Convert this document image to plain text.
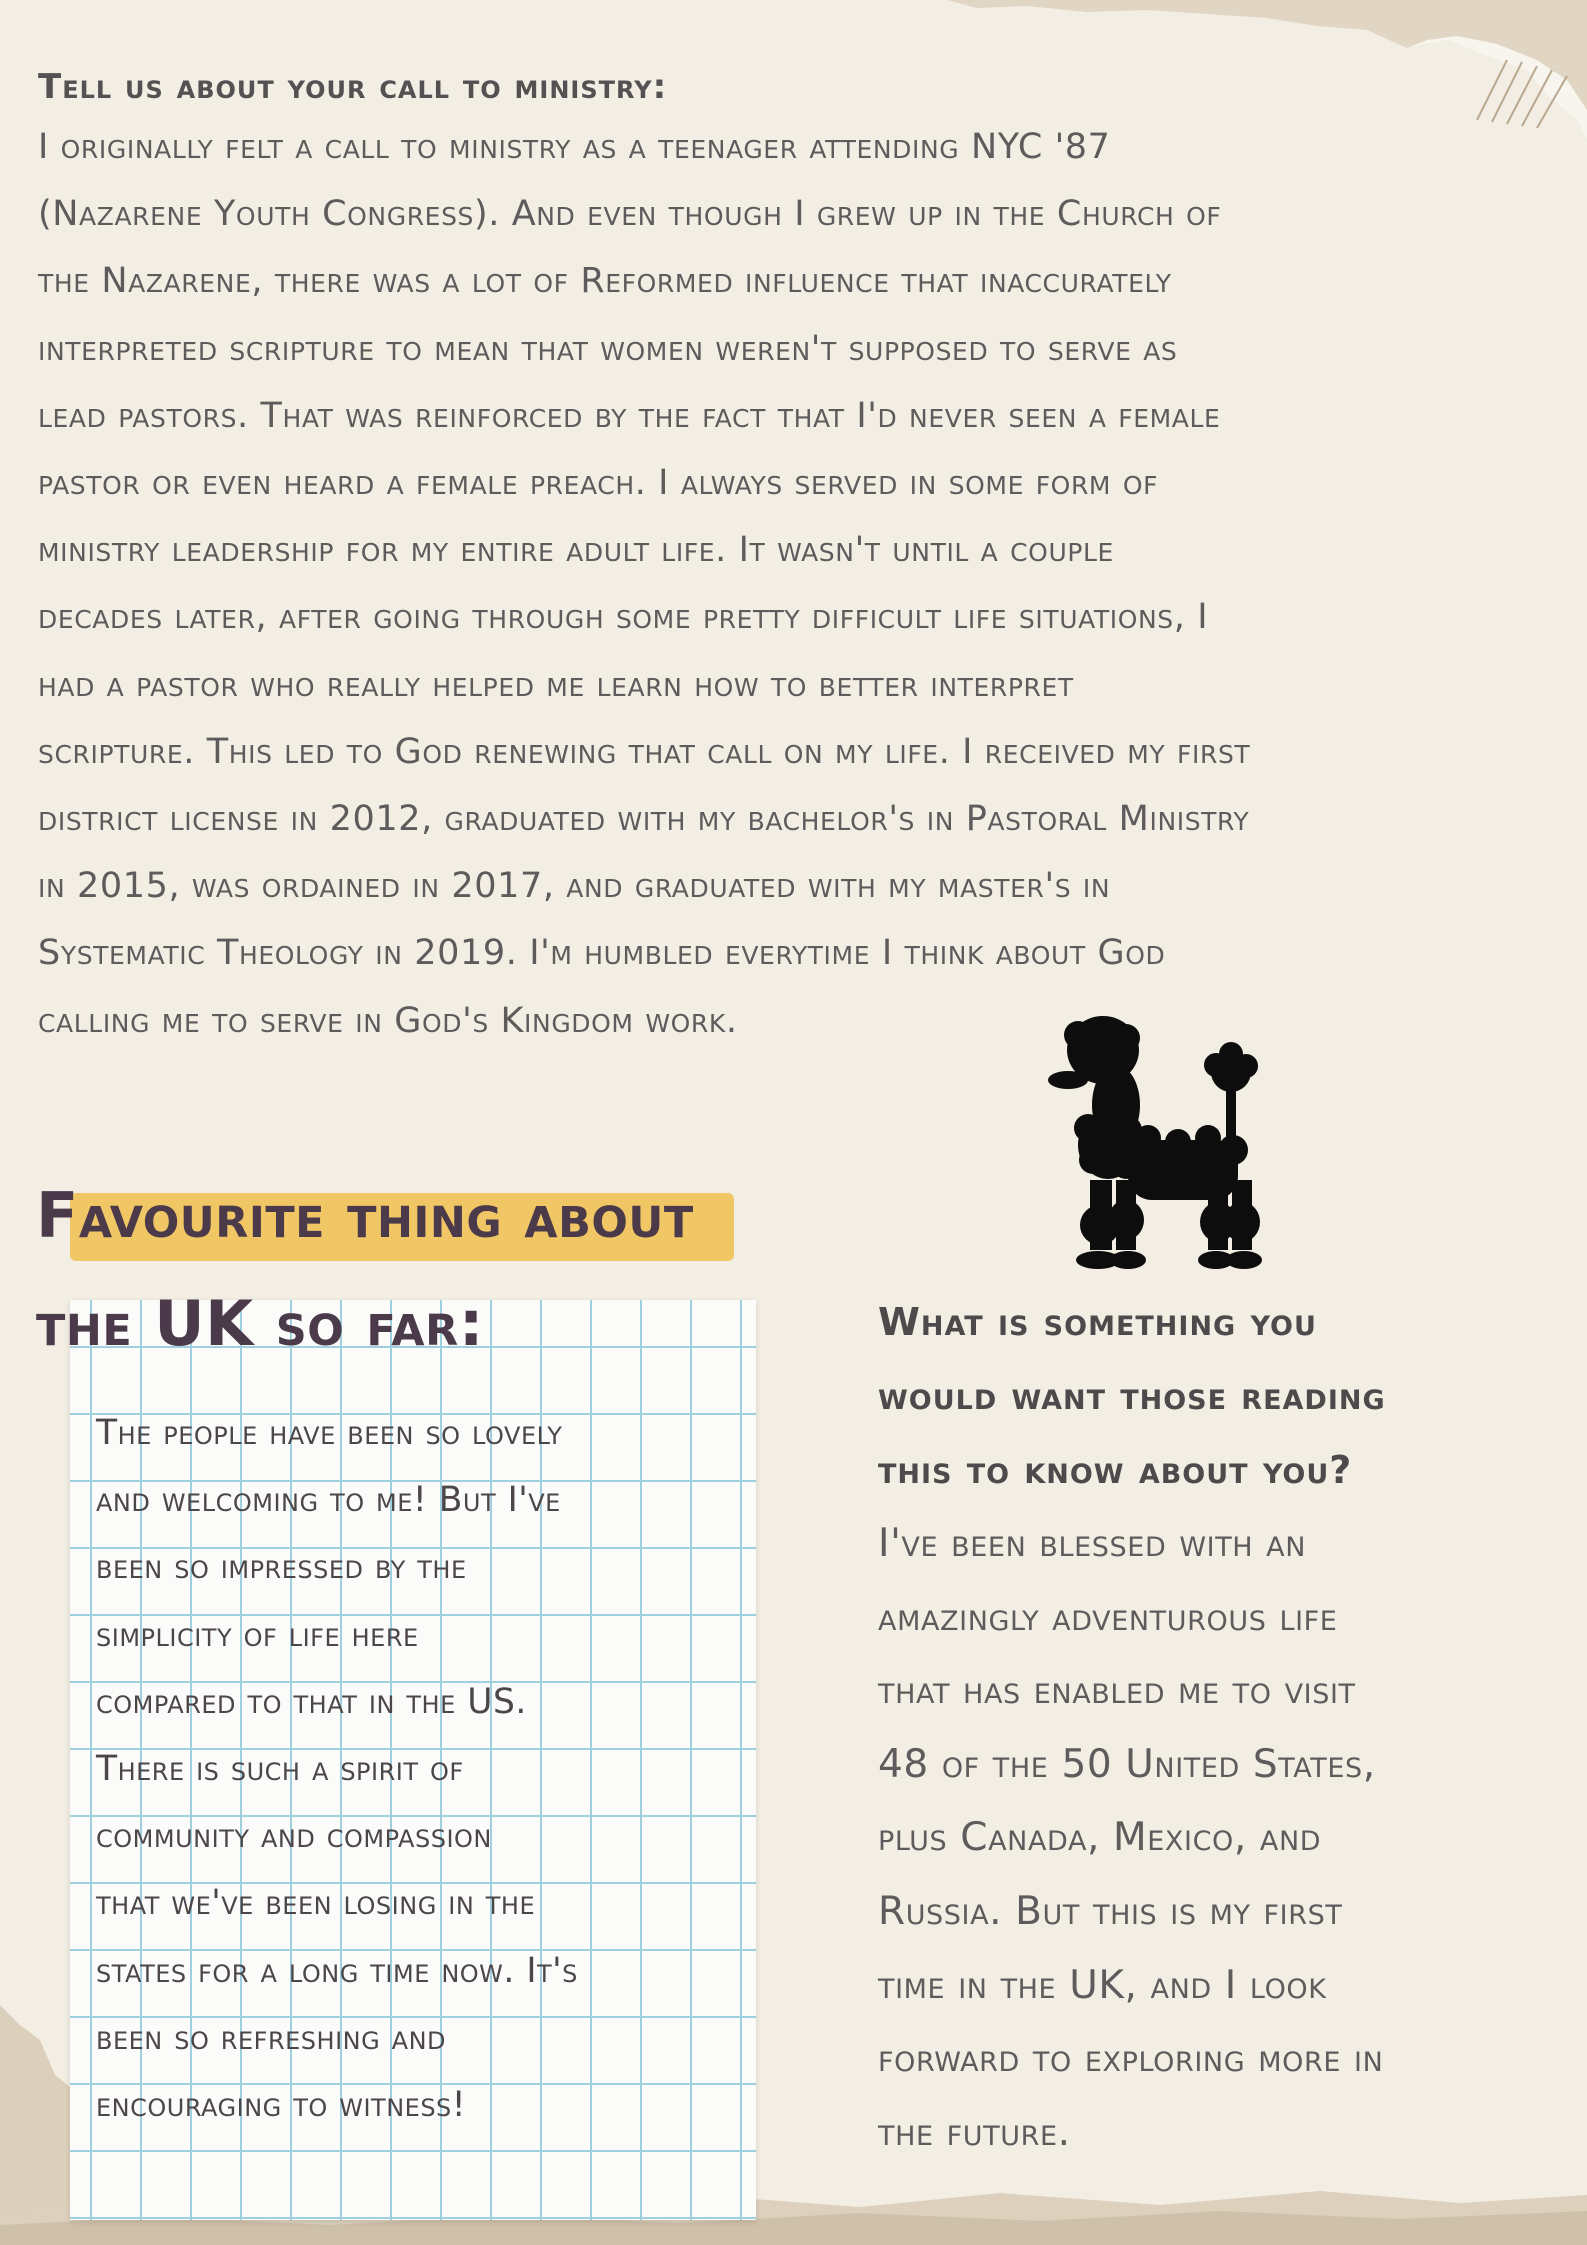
Tell us about your call to ministry:

I originally felt a call to ministry as a teenager attending NYC '87
(Nazarene Youth Congress). And even though I grew up in the Church of
the Nazarene, there was a lot of Reformed influence that inaccurately
interpreted scripture to mean that women weren't supposed to serve as
lead pastors. That was reinforced by the fact that I'd never seen a female
pastor or even heard a female preach. I always served in some form of
ministry leadership for my entire adult life. It wasn't until a couple
decades later, after going through some pretty difficult life situations, I
had a pastor who really helped me learn how to better interpret
scripture. This led to God renewing that call on my life. I received my first
district license in 2012, graduated with my bachelor's in Pastoral Ministry
in 2015, was ordained in 2017, and graduated with my master's in
Systematic Theology in 2019. I'm humbled everytime I think about God
calling me to serve in God's Kingdom work.

Favourite thing about
the UK so far:

The people have been so lovely
and welcoming to me! But I've
been so impressed by the
simplicity of life here
compared to that in the US.
There is such a spirit of
community and compassion
that we've been losing in the
states for a long time now. It's
been so refreshing and
encouraging to witness!

What is something you
would want those reading
this to know about you?

I've been blessed with an
amazingly adventurous life
that has enabled me to visit
48 of the 50 United States,
plus Canada, Mexico, and
Russia. But this is my first
time in the UK, and I look
forward to exploring more in
the future.
